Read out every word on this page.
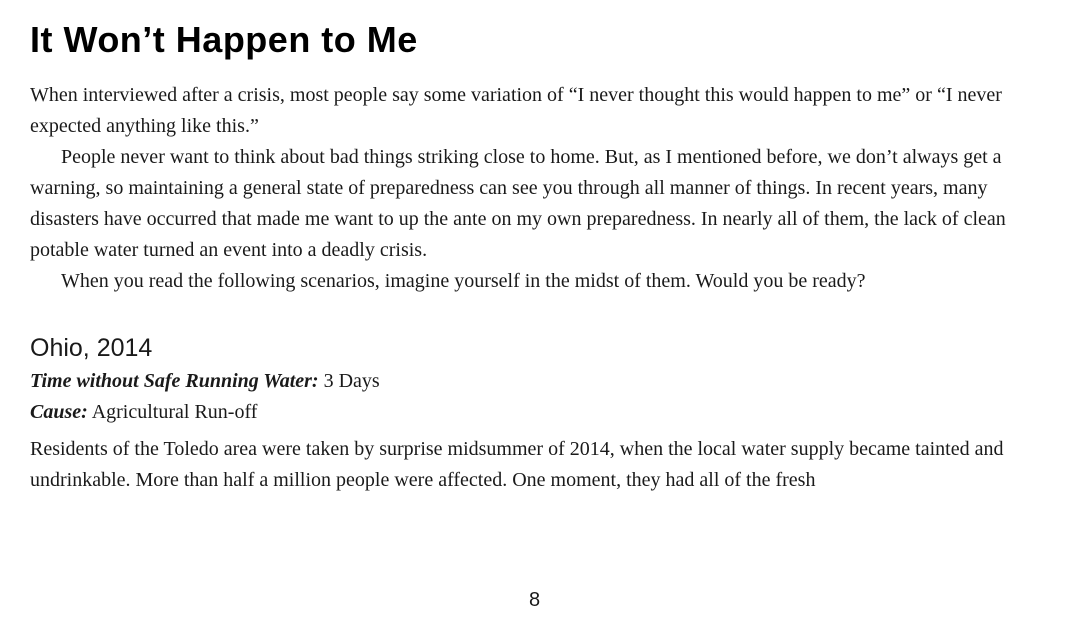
It Won’t Happen to Me

When interviewed after a crisis, most people say some variation of “I never thought this would happen to me” or “I never expected anything like this.”

People never want to think about bad things striking close to home. But, as I mentioned before, we don’t always get a warning, so maintaining a general state of preparedness can see you through all manner of things. In recent years, many disasters have occurred that made me want to up the ante on my own preparedness. In nearly all of them, the lack of clean potable water turned an event into a deadly crisis.

When you read the following scenarios, imagine yourself in the midst of them. Would you be ready?

Ohio, 2014
Time without Safe Running Water: 3 Days
Cause: Agricultural Run-off

Residents of the Toledo area were taken by surprise midsummer of 2014, when the local water supply became tainted and undrinkable. More than half a million people were affected. One moment, they had all of the fresh

8
